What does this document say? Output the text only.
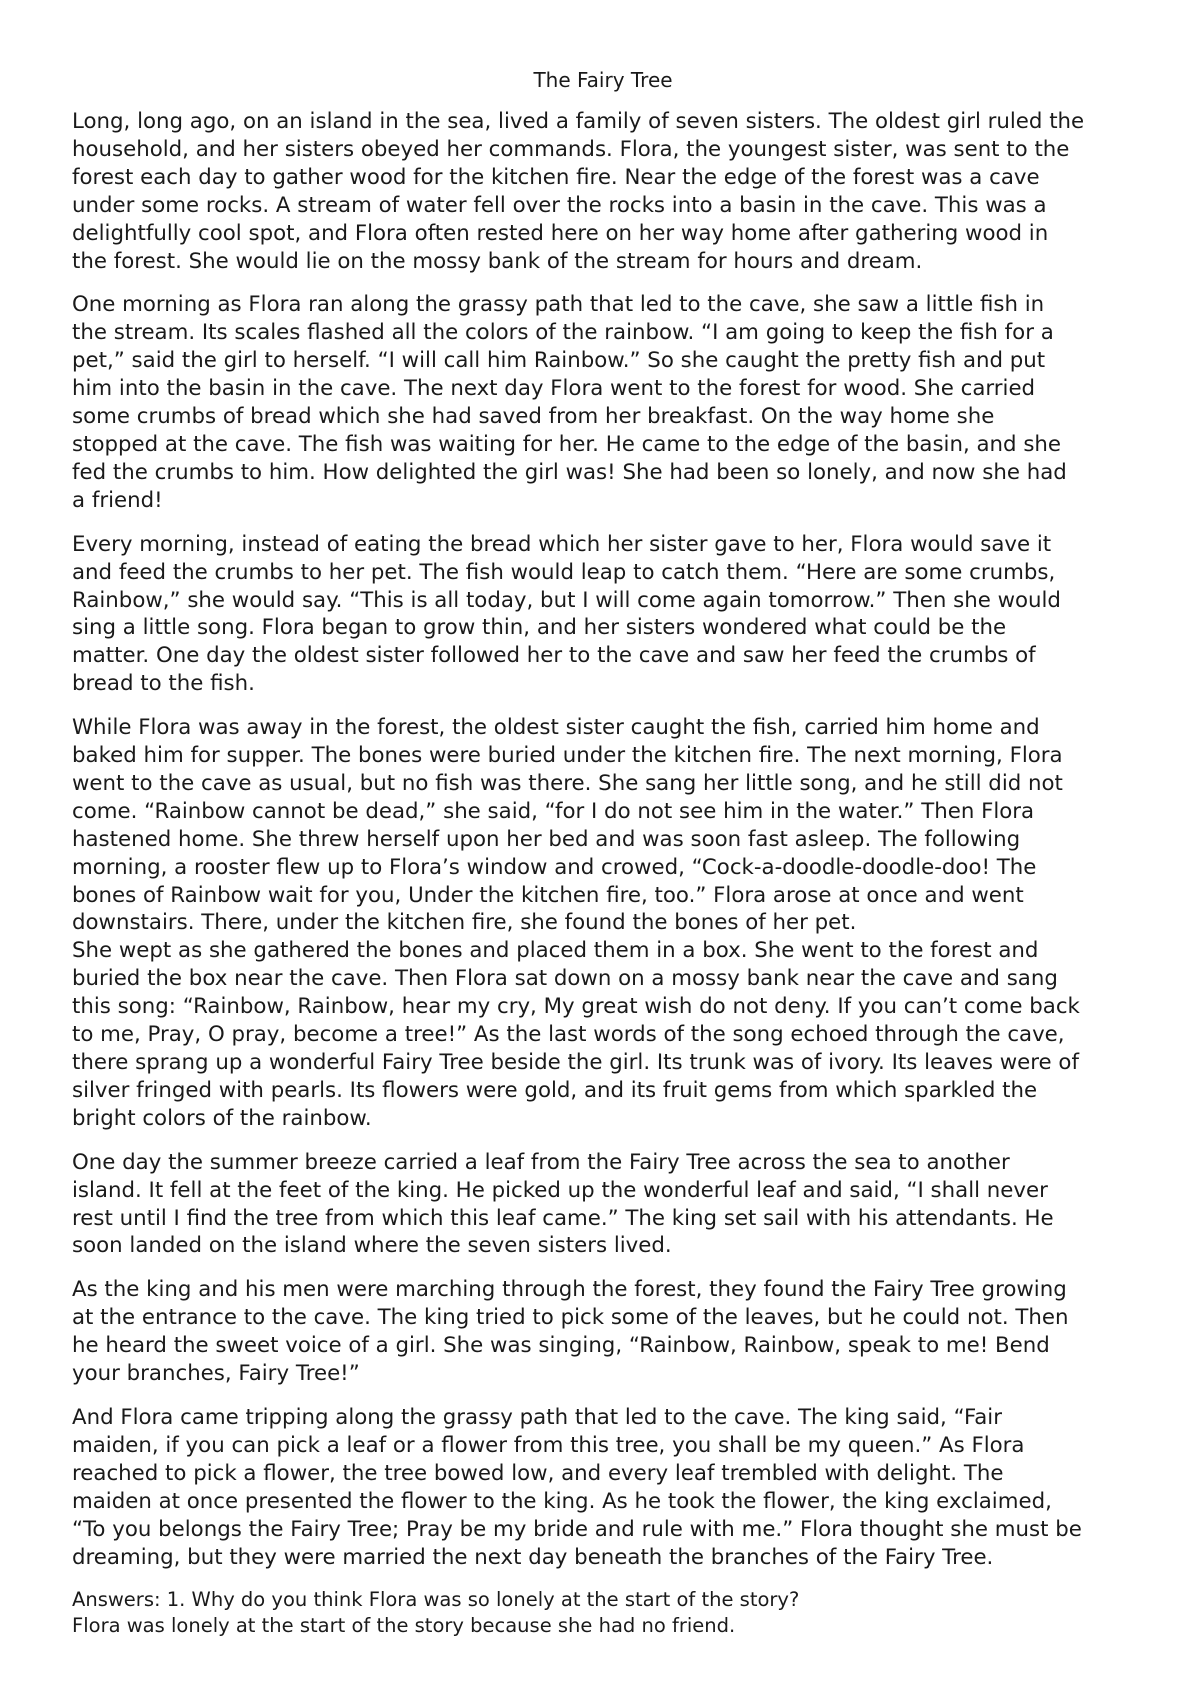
The Fairy Tree

Long, long ago, on an island in the sea, lived a family of seven sisters. The oldest girl ruled the
household, and her sisters obeyed her commands. Flora, the youngest sister, was sent to the
forest each day to gather wood for the kitchen fire. Near the edge of the forest was a cave
under some rocks. A stream of water fell over the rocks into a basin in the cave. This was a
delightfully cool spot, and Flora often rested here on her way home after gathering wood in
the forest. She would lie on the mossy bank of the stream for hours and dream.

One morning as Flora ran along the grassy path that led to the cave, she saw a little fish in
the stream. Its scales flashed all the colors of the rainbow. “I am going to keep the fish for a
pet,” said the girl to herself. “I will call him Rainbow.” So she caught the pretty fish and put
him into the basin in the cave. The next day Flora went to the forest for wood. She carried
some crumbs of bread which she had saved from her breakfast. On the way home she
stopped at the cave. The fish was waiting for her. He came to the edge of the basin, and she
fed the crumbs to him. How delighted the girl was! She had been so lonely, and now she had
a friend!

Every morning, instead of eating the bread which her sister gave to her, Flora would save it
and feed the crumbs to her pet. The fish would leap to catch them. “Here are some crumbs,
Rainbow,” she would say. “This is all today, but I will come again tomorrow.” Then she would
sing a little song. Flora began to grow thin, and her sisters wondered what could be the
matter. One day the oldest sister followed her to the cave and saw her feed the crumbs of
bread to the fish.

While Flora was away in the forest, the oldest sister caught the fish, carried him home and
baked him for supper. The bones were buried under the kitchen fire. The next morning, Flora
went to the cave as usual, but no fish was there. She sang her little song, and he still did not
come. “Rainbow cannot be dead,” she said, “for I do not see him in the water.” Then Flora
hastened home. She threw herself upon her bed and was soon fast asleep. The following
morning, a rooster flew up to Flora’s window and crowed, “Cock-a-doodle-doodle-doo! The
bones of Rainbow wait for you, Under the kitchen fire, too.” Flora arose at once and went
downstairs. There, under the kitchen fire, she found the bones of her pet.

She wept as she gathered the bones and placed them in a box. She went to the forest and
buried the box near the cave. Then Flora sat down on a mossy bank near the cave and sang
this song: “Rainbow, Rainbow, hear my cry, My great wish do not deny. If you can’t come back
to me, Pray, O pray, become a tree!” As the last words of the song echoed through the cave,
there sprang up a wonderful Fairy Tree beside the girl. Its trunk was of ivory. Its leaves were of
silver fringed with pearls. Its flowers were gold, and its fruit gems from which sparkled the
bright colors of the rainbow.

One day the summer breeze carried a leaf from the Fairy Tree across the sea to another
island. It fell at the feet of the king. He picked up the wonderful leaf and said, “I shall never
rest until I find the tree from which this leaf came.” The king set sail with his attendants. He
soon landed on the island where the seven sisters lived.

As the king and his men were marching through the forest, they found the Fairy Tree growing
at the entrance to the cave. The king tried to pick some of the leaves, but he could not. Then
he heard the sweet voice of a girl. She was singing, “Rainbow, Rainbow, speak to me! Bend
your branches, Fairy Tree!”

And Flora came tripping along the grassy path that led to the cave. The king said, “Fair
maiden, if you can pick a leaf or a flower from this tree, you shall be my queen.” As Flora
reached to pick a flower, the tree bowed low, and every leaf trembled with delight. The
maiden at once presented the flower to the king. As he took the flower, the king exclaimed,
“To you belongs the Fairy Tree; Pray be my bride and rule with me.” Flora thought she must be
dreaming, but they were married the next day beneath the branches of the Fairy Tree.

Answers: 1. Why do you think Flora was so lonely at the start of the story?
Flora was lonely at the start of the story because she had no friend.
